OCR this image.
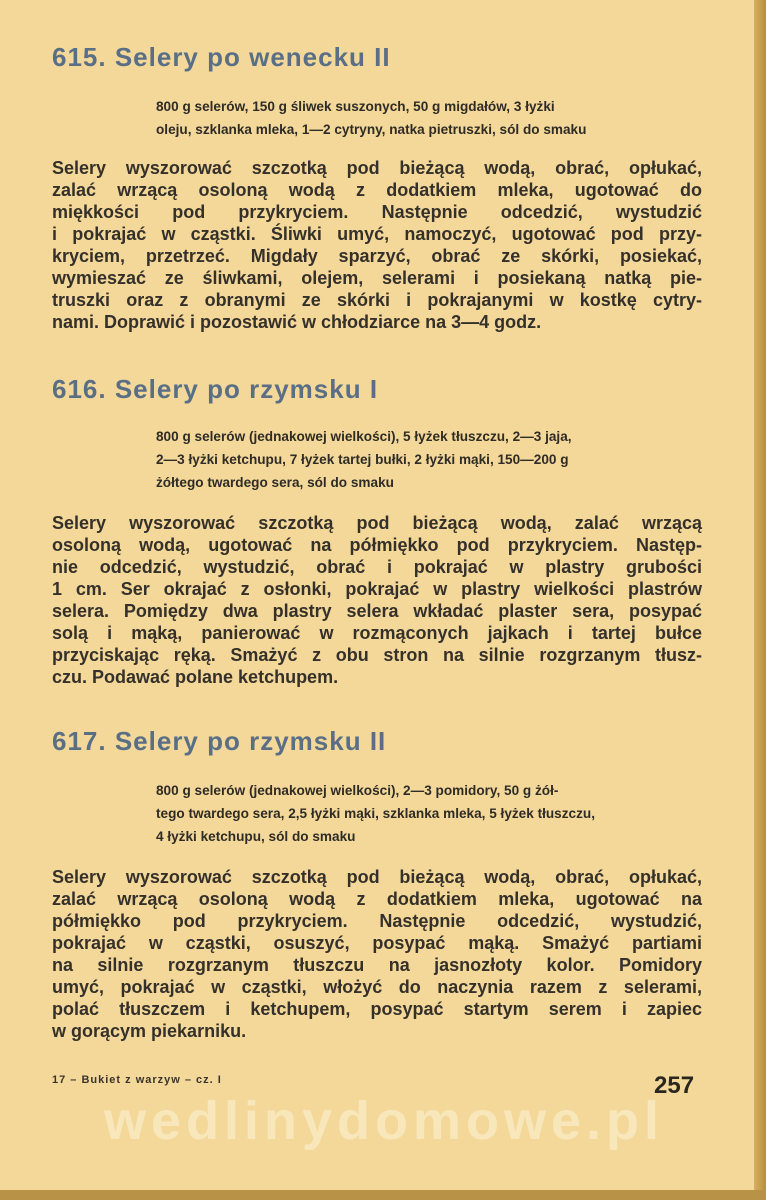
615. Selery po wenecku II
800 g selerów, 150 g śliwek suszonych, 50 g migdałów, 3 łyżki
oleju, szklanka mleka, 1—2 cytryny, natka pietruszki, sól do smaku
Selery wyszorować szczotką pod bieżącą wodą, obrać, opłukać,
zalać wrzącą osoloną wodą z dodatkiem mleka, ugotować do
miękkości pod przykryciem. Następnie odcedzić, wystudzić
i pokrajać w cząstki. Śliwki umyć, namoczyć, ugotować pod przy-
kryciem, przetrzeć. Migdały sparzyć, obrać ze skórki, posiekać,
wymieszać ze śliwkami, olejem, selerami i posiekaną natką pie-
truszki oraz z obranymi ze skórki i pokrajanymi w kostkę cytry-
nami. Doprawić i pozostawić w chłodziarce na 3—4 godz.
616. Selery po rzymsku I
800 g selerów (jednakowej wielkości), 5 łyżek tłuszczu, 2—3 jaja,
2—3 łyżki ketchupu, 7 łyżek tartej bułki, 2 łyżki mąki, 150—200 g
żółtego twardego sera, sól do smaku
Selery wyszorować szczotką pod bieżącą wodą, zalać wrzącą
osoloną wodą, ugotować na półmiękko pod przykryciem. Następ-
nie odcedzić, wystudzić, obrać i pokrajać w plastry grubości
1 cm. Ser okrajać z osłonki, pokrajać w plastry wielkości plastrów
selera. Pomiędzy dwa plastry selera wkładać plaster sera, posypać
solą i mąką, panierować w rozmąconych jajkach i tartej bułce
przyciskając ręką. Smażyć z obu stron na silnie rozgrzanym tłusz-
czu. Podawać polane ketchupem.
617. Selery po rzymsku II
800 g selerów (jednakowej wielkości), 2—3 pomidory, 50 g żół-
tego twardego sera, 2,5 łyżki mąki, szklanka mleka, 5 łyżek tłuszczu,
4 łyżki ketchupu, sól do smaku
Selery wyszorować szczotką pod bieżącą wodą, obrać, opłukać,
zalać wrzącą osoloną wodą z dodatkiem mleka, ugotować na
półmiękko pod przykryciem. Następnie odcedzić, wystudzić,
pokrajać w cząstki, osuszyć, posypać mąką. Smażyć partiami
na silnie rozgrzanym tłuszczu na jasnozłoty kolor. Pomidory
umyć, pokrajać w cząstki, włożyć do naczynia razem z selerami,
polać tłuszczem i ketchupem, posypać startym serem i zapiec
w gorącym piekarniku.
17 – Bukiet z warzyw – cz. I	257
wedlinydomowe.pl
